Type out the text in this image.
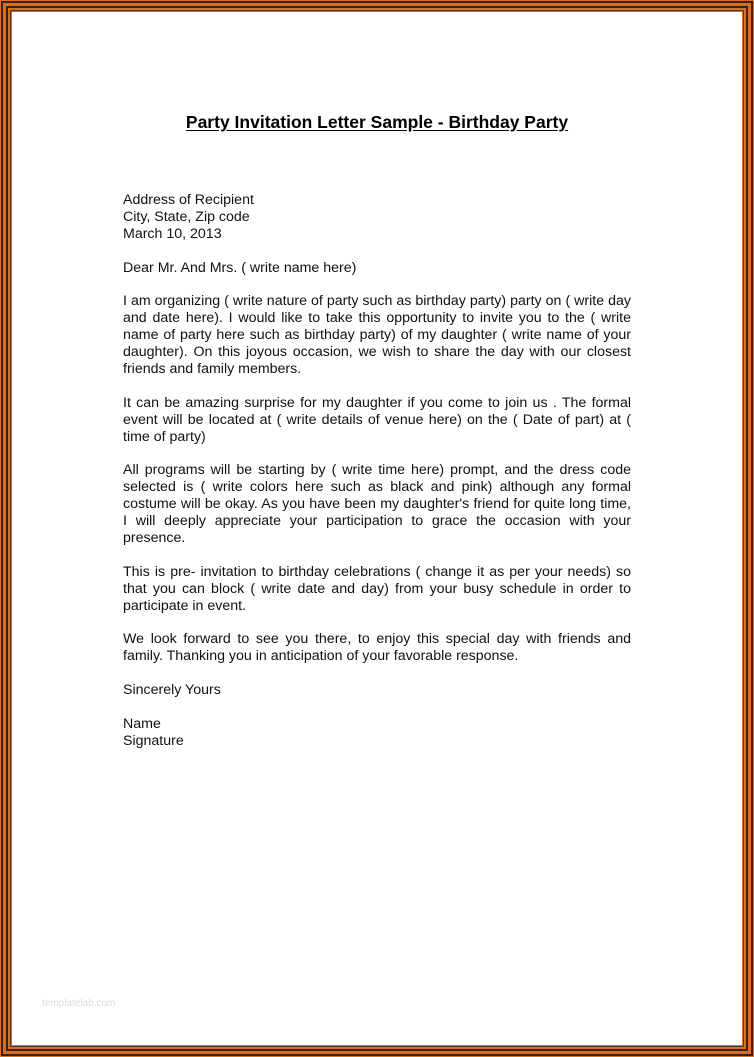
Party Invitation Letter Sample - Birthday Party

Address of Recipient
City, State, Zip code
March 10, 2013

Dear Mr. And Mrs. ( write name here)

I am organizing ( write nature of party such as birthday party) party on ( write day and date here). I would like to take this opportunity to invite you to the ( write name of party here such as birthday party) of my daughter ( write name of your daughter). On this joyous occasion, we wish to share the day with our closest friends and family members.

It can be amazing surprise for my daughter if you come to join us . The formal event will be located at ( write details of venue here) on the ( Date of part) at ( time of party)

All programs will be starting by ( write time here) prompt, and the dress code selected is ( write colors here such as black and pink) although any formal costume will be okay. As you have been my daughter's friend for quite long time, I will deeply appreciate your participation to grace the occasion with your presence.

This is pre- invitation to birthday celebrations ( change it as per your needs) so that you can block ( write date and day) from your busy schedule in order to participate in event.

We look forward to see you there, to enjoy this special day with friends and family. Thanking you in anticipation of your favorable response.

Sincerely Yours

Name
Signature

templatelab.com
